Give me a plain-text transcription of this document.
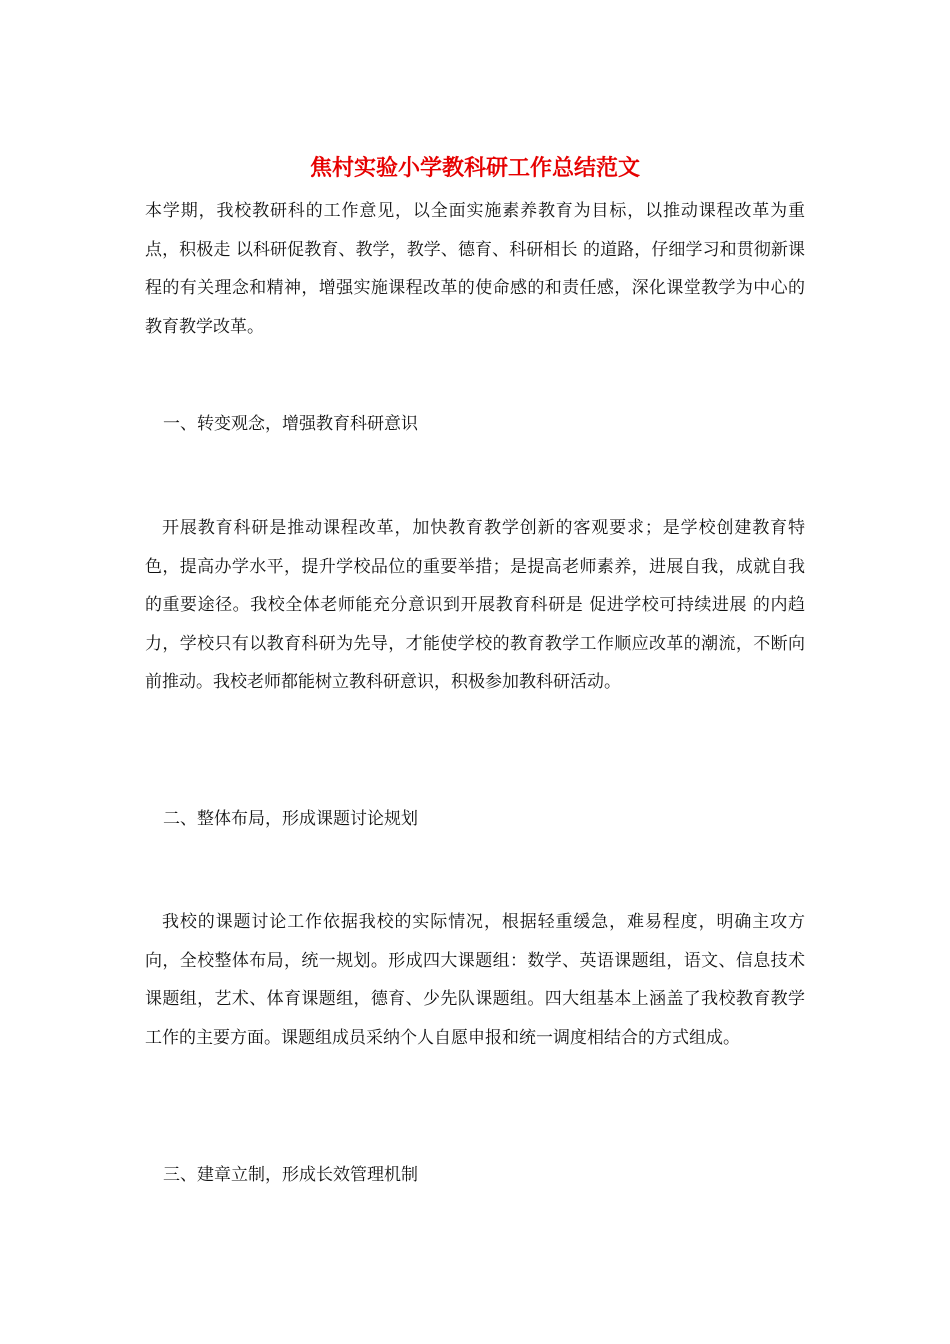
焦村实验小学教科研工作总结范文

本学期，我校教研科的工作意见，以全面实施素养教育为目标，以推动课程改革为重点，积极走 以科研促教育、教学，教学、德育、科研相长 的道路，仔细学习和贯彻新课程的有关理念和精神，增强实施课程改革的使命感的和责任感，深化课堂教学为中心的教育教学改革。

一、转变观念，增强教育科研意识

开展教育科研是推动课程改革，加快教育教学创新的客观要求；是学校创建教育特色，提高办学水平，提升学校品位的重要举措；是提高老师素养，进展自我，成就自我的重要途径。我校全体老师能充分意识到开展教育科研是 促进学校可持续进展 的内趋力，学校只有以教育科研为先导，才能使学校的教育教学工作顺应改革的潮流，不断向前推动。我校老师都能树立教科研意识，积极参加教科研活动。

二、整体布局，形成课题讨论规划

我校的课题讨论工作依据我校的实际情况，根据轻重缓急，难易程度，明确主攻方向，全校整体布局，统一规划。形成四大课题组：数学、英语课题组，语文、信息技术课题组，艺术、体育课题组，德育、少先队课题组。四大组基本上涵盖了我校教育教学工作的主要方面。课题组成员采纳个人自愿申报和统一调度相结合的方式组成。

三、建章立制，形成长效管理机制
